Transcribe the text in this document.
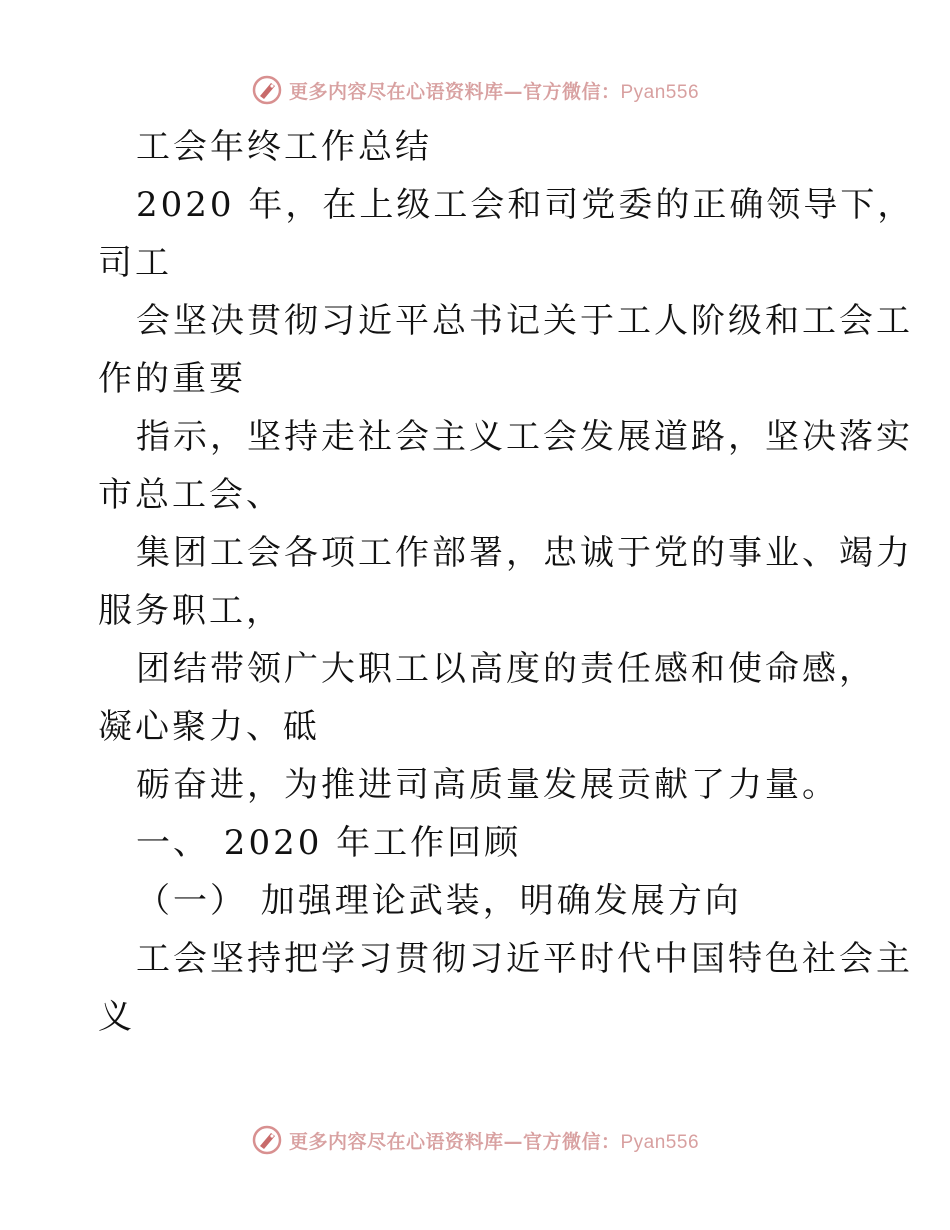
更多内容尽在心语资料库—官方微信：Pyan556
工会年终工作总结
2020 年，在上级工会和司党委的正确领导下，
司工
会坚决贯彻习近平总书记关于工人阶级和工会工
作的重要
指示，坚持走社会主义工会发展道路，坚决落实
市总工会、
集团工会各项工作部署，忠诚于党的事业、竭力
服务职工，
团结带领广大职工以高度的责任感和使命感，
凝心聚力、砥
砺奋进，为推进司高质量发展贡献了力量。
一、 2020 年工作回顾
（一） 加强理论武装，明确发展方向
工会坚持把学习贯彻习近平时代中国特色社会主
义
更多内容尽在心语资料库—官方微信：Pyan556
